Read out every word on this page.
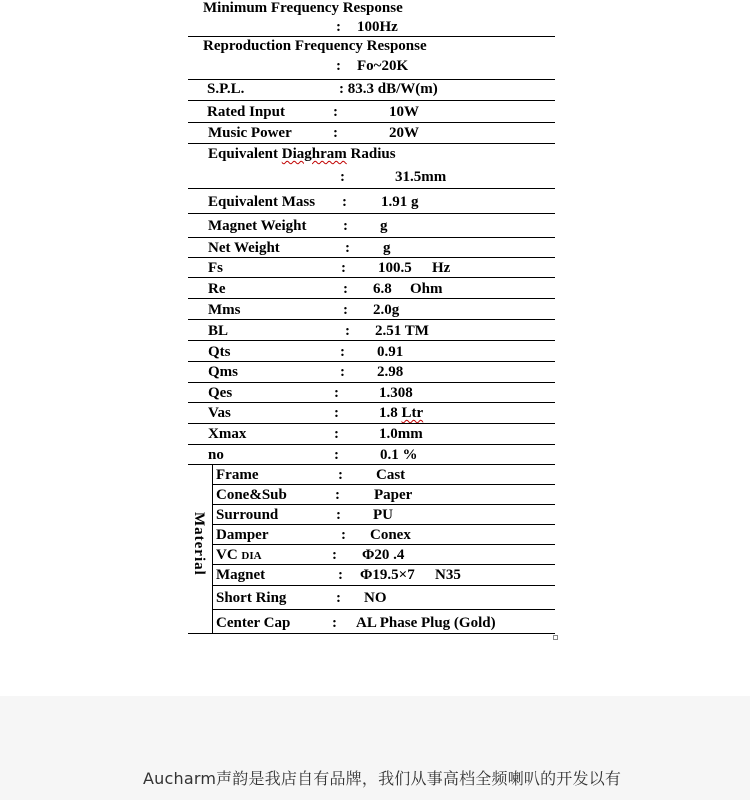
Minimum Frequency Response
: 100Hz
Reproduction Frequency Response
: Fo~20K
S.P.L.	: 83.3 dB/W(m)
Rated Input	:	10W
Music Power	:	20W
Equivalent Diaghram Radius
:	31.5mm
Equivalent Mass : 1.91 g
Magnet Weight : g
Net Weight	: g
Fs	: 100.5 Hz
Re	: 6.8 Ohm
Mms	: 2.0g
BL	: 2.51 TM
Qts	: 0.91
Qms	: 2.98
Qes	:	1.308
Vas	:	1.8 Ltr
Xmax	:	1.0mm
no	:	0.1 %
Material
Frame	: Cast
Cone&Sub	: Paper
Surround	: PU
Damper	: Conex
VC DIA	: Φ20 .4
Magnet	: Φ19.5×7 N35
Short Ring	: NO
Center Cap	: AL Phase Plug (Gold)
Aucharm声韵是我店自有品牌，我们从事高档全频喇叭的开发以有
